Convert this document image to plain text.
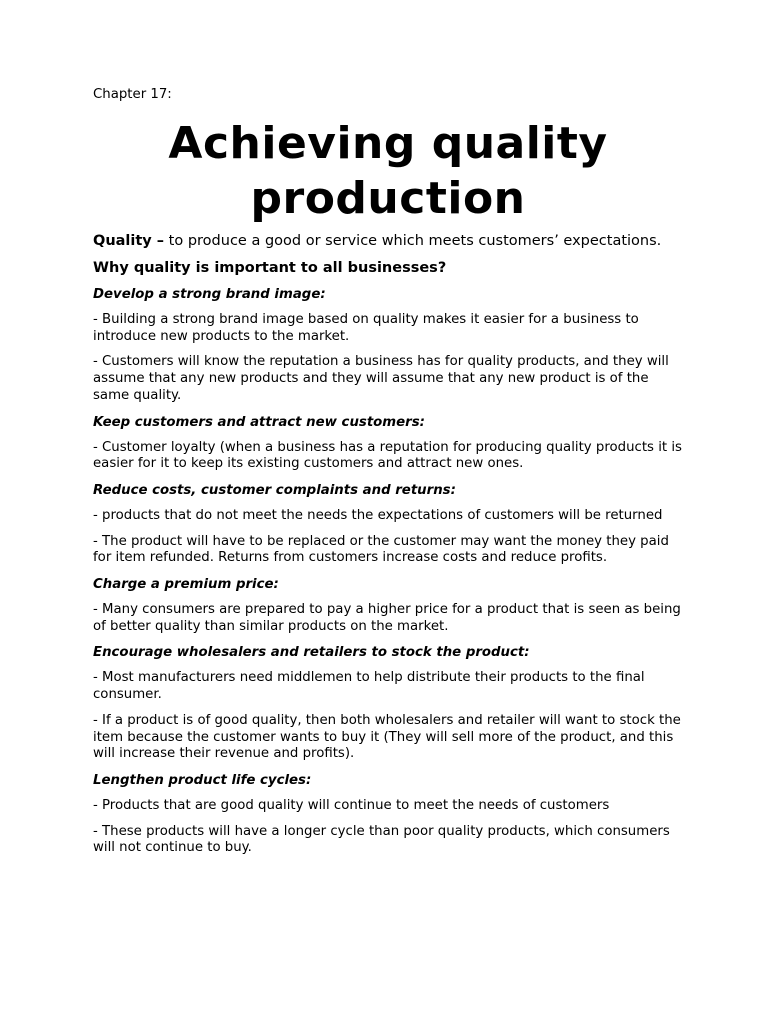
Chapter 17:

Achieving quality
production

Quality – to produce a good or service which meets customers’ expectations.

Why quality is important to all businesses?

Develop a strong brand image:

- Building a strong brand image based on quality makes it easier for a business to introduce new products to the market.

- Customers will know the reputation a business has for quality products, and they will assume that any new products and they will assume that any new product is of the same quality.

Keep customers and attract new customers:

- Customer loyalty (when a business has a reputation for producing quality products it is easier for it to keep its existing customers and attract new ones.

Reduce costs, customer complaints and returns:

- products that do not meet the needs the expectations of customers will be returned

- The product will have to be replaced or the customer may want the money they paid for item refunded. Returns from customers increase costs and reduce profits.

Charge a premium price:

- Many consumers are prepared to pay a higher price for a product that is seen as being of better quality than similar products on the market.

Encourage wholesalers and retailers to stock the product:

- Most manufacturers need middlemen to help distribute their products to the final consumer.

- If a product is of good quality, then both wholesalers and retailer will want to stock the item because the customer wants to buy it (They will sell more of the product, and this will increase their revenue and profits).

Lengthen product life cycles:

- Products that are good quality will continue to meet the needs of customers

- These products will have a longer cycle than poor quality products, which consumers will not continue to buy.
